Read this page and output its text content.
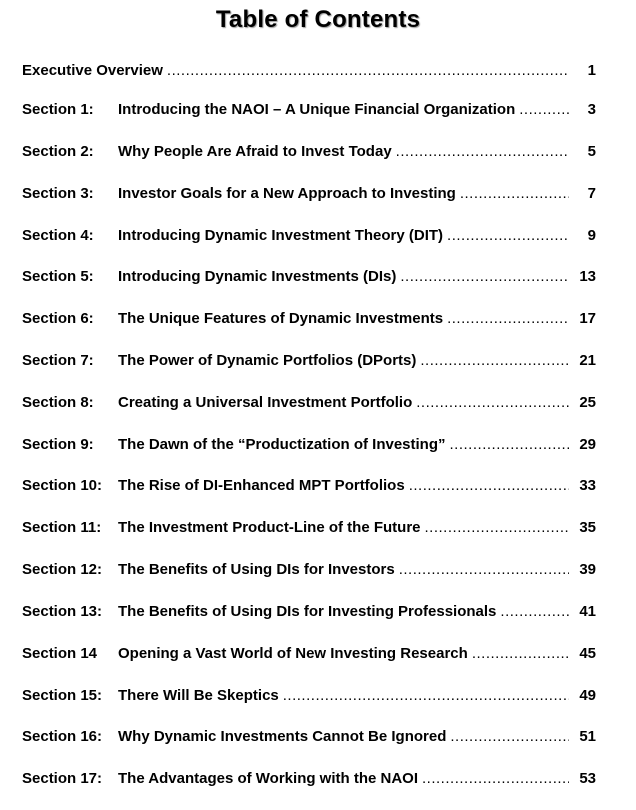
Table of Contents
Executive Overview .....	1
Section 1:	Introducing the NAOI – A Unique Financial Organization .....	3
Section 2:	Why People Are Afraid to Invest Today .....	5
Section 3:	Investor Goals for a New Approach to Investing .....	7
Section 4:	Introducing Dynamic Investment Theory (DIT) .....	9
Section 5:	Introducing Dynamic Investments (DIs) .....	13
Section 6:	The Unique Features of Dynamic Investments .....	17
Section 7:	The Power of Dynamic Portfolios (DPorts) .....	21
Section 8:	Creating a Universal Investment Portfolio .....	25
Section 9:	The Dawn of the “Productization of Investing” .....	29
Section 10:	The Rise of DI-Enhanced MPT Portfolios .....	33
Section 11:	The Investment Product-Line of the Future .....	35
Section 12:	The Benefits of Using DIs for Investors .....	39
Section 13:	The Benefits of Using DIs for Investing Professionals .....	41
Section 14	Opening a Vast World of New Investing Research .....	45
Section 15:	There Will Be Skeptics .....	49
Section 16:	Why Dynamic Investments Cannot Be Ignored .....	51
Section 17:	The Advantages of Working with the NAOI .....	53
